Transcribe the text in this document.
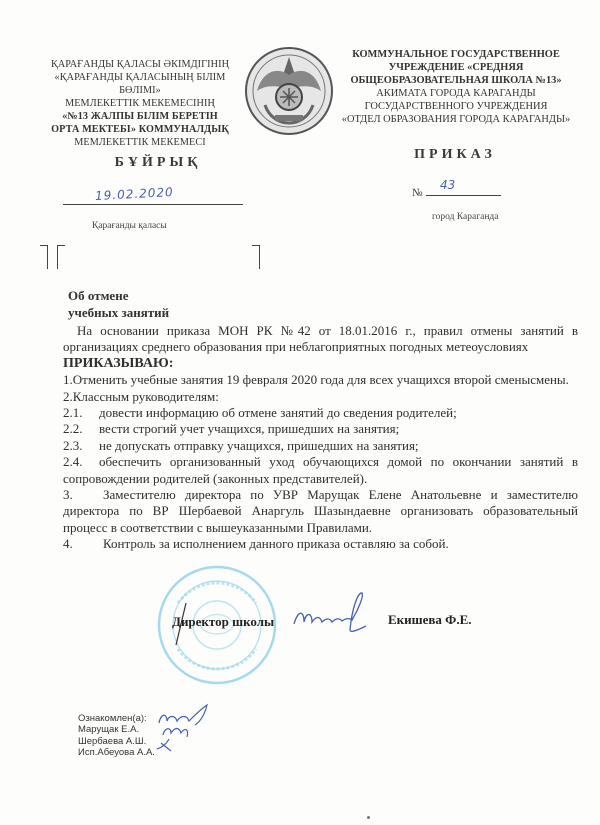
ҚАРАҒАНДЫ ҚАЛАСЫ ӘКІМДІГІНІҢ
«ҚАРАҒАНДЫ ҚАЛАСЫНЫҢ БІЛІМ
БӨЛІМІ»
МЕМЛЕКЕТТІК МЕКЕМЕСІНІҢ
«№13 ЖАЛПЫ БІЛІМ БЕРЕТІН
ОРТА МЕКТЕБІ» КОММУНАЛДЫҚ
МЕМЛЕКЕТТІК МЕКЕМЕСІ
КОММУНАЛЬНОЕ ГОСУДАРСТВЕННОЕ
УЧРЕЖДЕНИЕ «СРЕДНЯЯ
ОБЩЕОБРАЗОВАТЕЛЬНАЯ ШКОЛА №13»
АКИМАТА ГОРОДА КАРАГАНДЫ
ГОСУДАРСТВЕННОГО УЧРЕЖДЕНИЯ
«ОТДЕЛ ОБРАЗОВАНИЯ ГОРОДА КАРАГАНДЫ»
БҰЙРЫҚ
ПРИКАЗ
19.02.2020
Қарағанды қаласы
№
43
город Караганда
Об отмене
учебных занятий

На основании приказа МОН РК №42 от 18.01.2016 г., правил отмены занятий в организациях среднего образования при неблагоприятных погодных метеоусловиях

ПРИКАЗЫВАЮ:

1.Отменить учебные занятия 19 февраля 2020 года для всех учащихся второй сменысмены.

2.Классным руководителям:

2.1. довести информацию об отмене занятий до сведения родителей;

2.2. вести строгий учет учащихся, пришедших на занятия;

2.3. не допускать отправку учащихся, пришедших на занятия;

2.4. обеспечить организованный уход обучающихся домой по окончании занятий в сопровождении родителей (законных представителей).

3. Заместителю директора по УВР Марущак Елене Анатольевне и заместителю директора по ВР Шербаевой Анаргуль Шазындаевне организовать образовательный процесс в соответствии с вышеуказанными Правилами.

4. Контроль за исполнением данного приказа оставляю за собой.

Директор школы	Екишева Ф.Е.
Ознакомлен(а):
Марущак Е.А.
Шербаева А.Ш.
Исп.Абеуова А.А.
